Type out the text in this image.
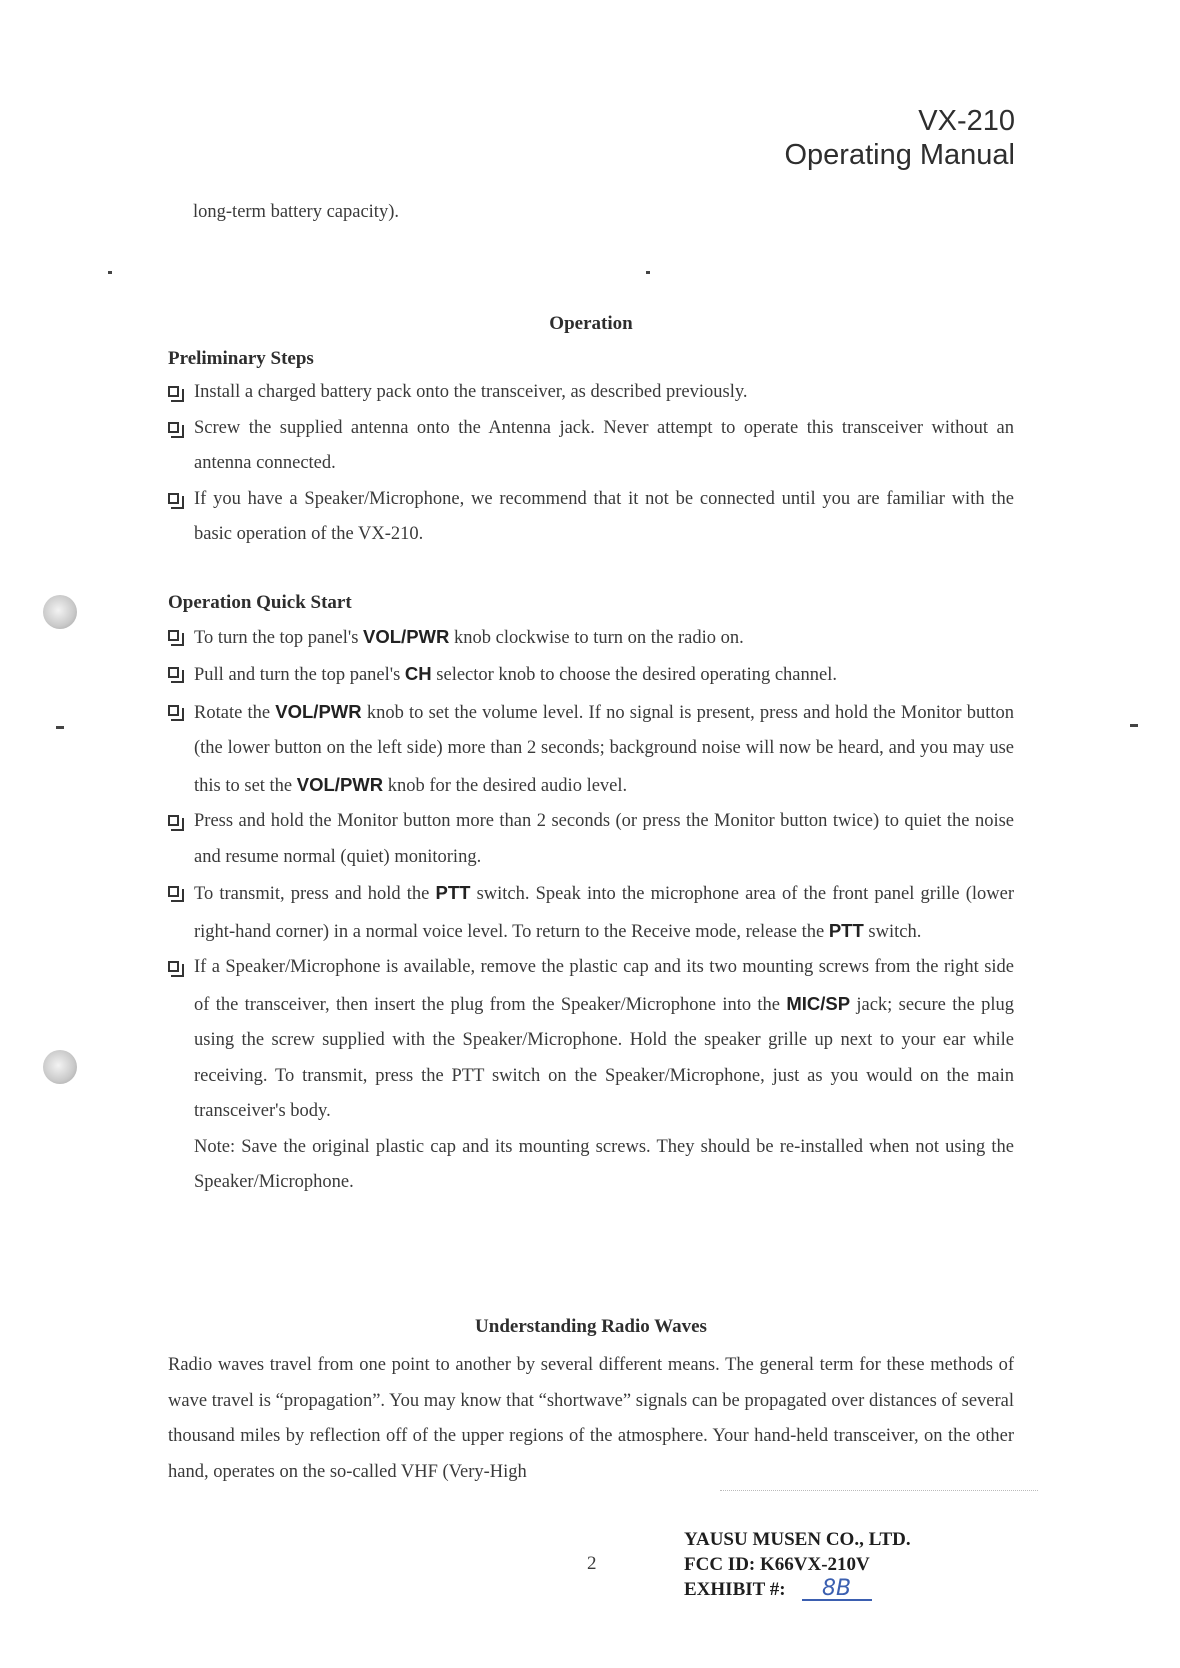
VX-210
Operating Manual
long-term battery capacity).
Operation
Preliminary Steps
Install a charged battery pack onto the transceiver, as described previously.
Screw the supplied antenna onto the Antenna jack. Never attempt to operate this transceiver without an antenna connected.
If you have a Speaker/Microphone, we recommend that it not be connected until you are familiar with the basic operation of the VX-210.
Operation Quick Start
To turn the top panel's VOL/PWR knob clockwise to turn on the radio on.
Pull and turn the top panel's CH selector knob to choose the desired operating channel.
Rotate the VOL/PWR knob to set the volume level. If no signal is present, press and hold the Monitor button (the lower button on the left side) more than 2 seconds; background noise will now be heard, and you may use this to set the VOL/PWR knob for the desired audio level.
Press and hold the Monitor button more than 2 seconds (or press the Monitor button twice) to quiet the noise and resume normal (quiet) monitoring.
To transmit, press and hold the PTT switch. Speak into the microphone area of the front panel grille (lower right-hand corner) in a normal voice level. To return to the Receive mode, release the PTT switch.
If a Speaker/Microphone is available, remove the plastic cap and its two mounting screws from the right side of the transceiver, then insert the plug from the Speaker/Microphone into the MIC/SP jack; secure the plug using the screw supplied with the Speaker/Microphone. Hold the speaker grille up next to your ear while receiving. To transmit, press the PTT switch on the Speaker/Microphone, just as you would on the main transceiver's body.
Note: Save the original plastic cap and its mounting screws. They should be re-installed when not using the Speaker/Microphone.
Understanding Radio Waves
Radio waves travel from one point to another by several different means. The general term for these methods of wave travel is “propagation”. You may know that “shortwave” signals can be propagated over distances of several thousand miles by reflection off of the upper regions of the atmosphere. Your hand-held transceiver, on the other hand, operates on the so-called VHF (Very-High
2
YAUSU MUSEN CO., LTD.
FCC ID: K66VX-210V
EXHIBIT #: 8B
